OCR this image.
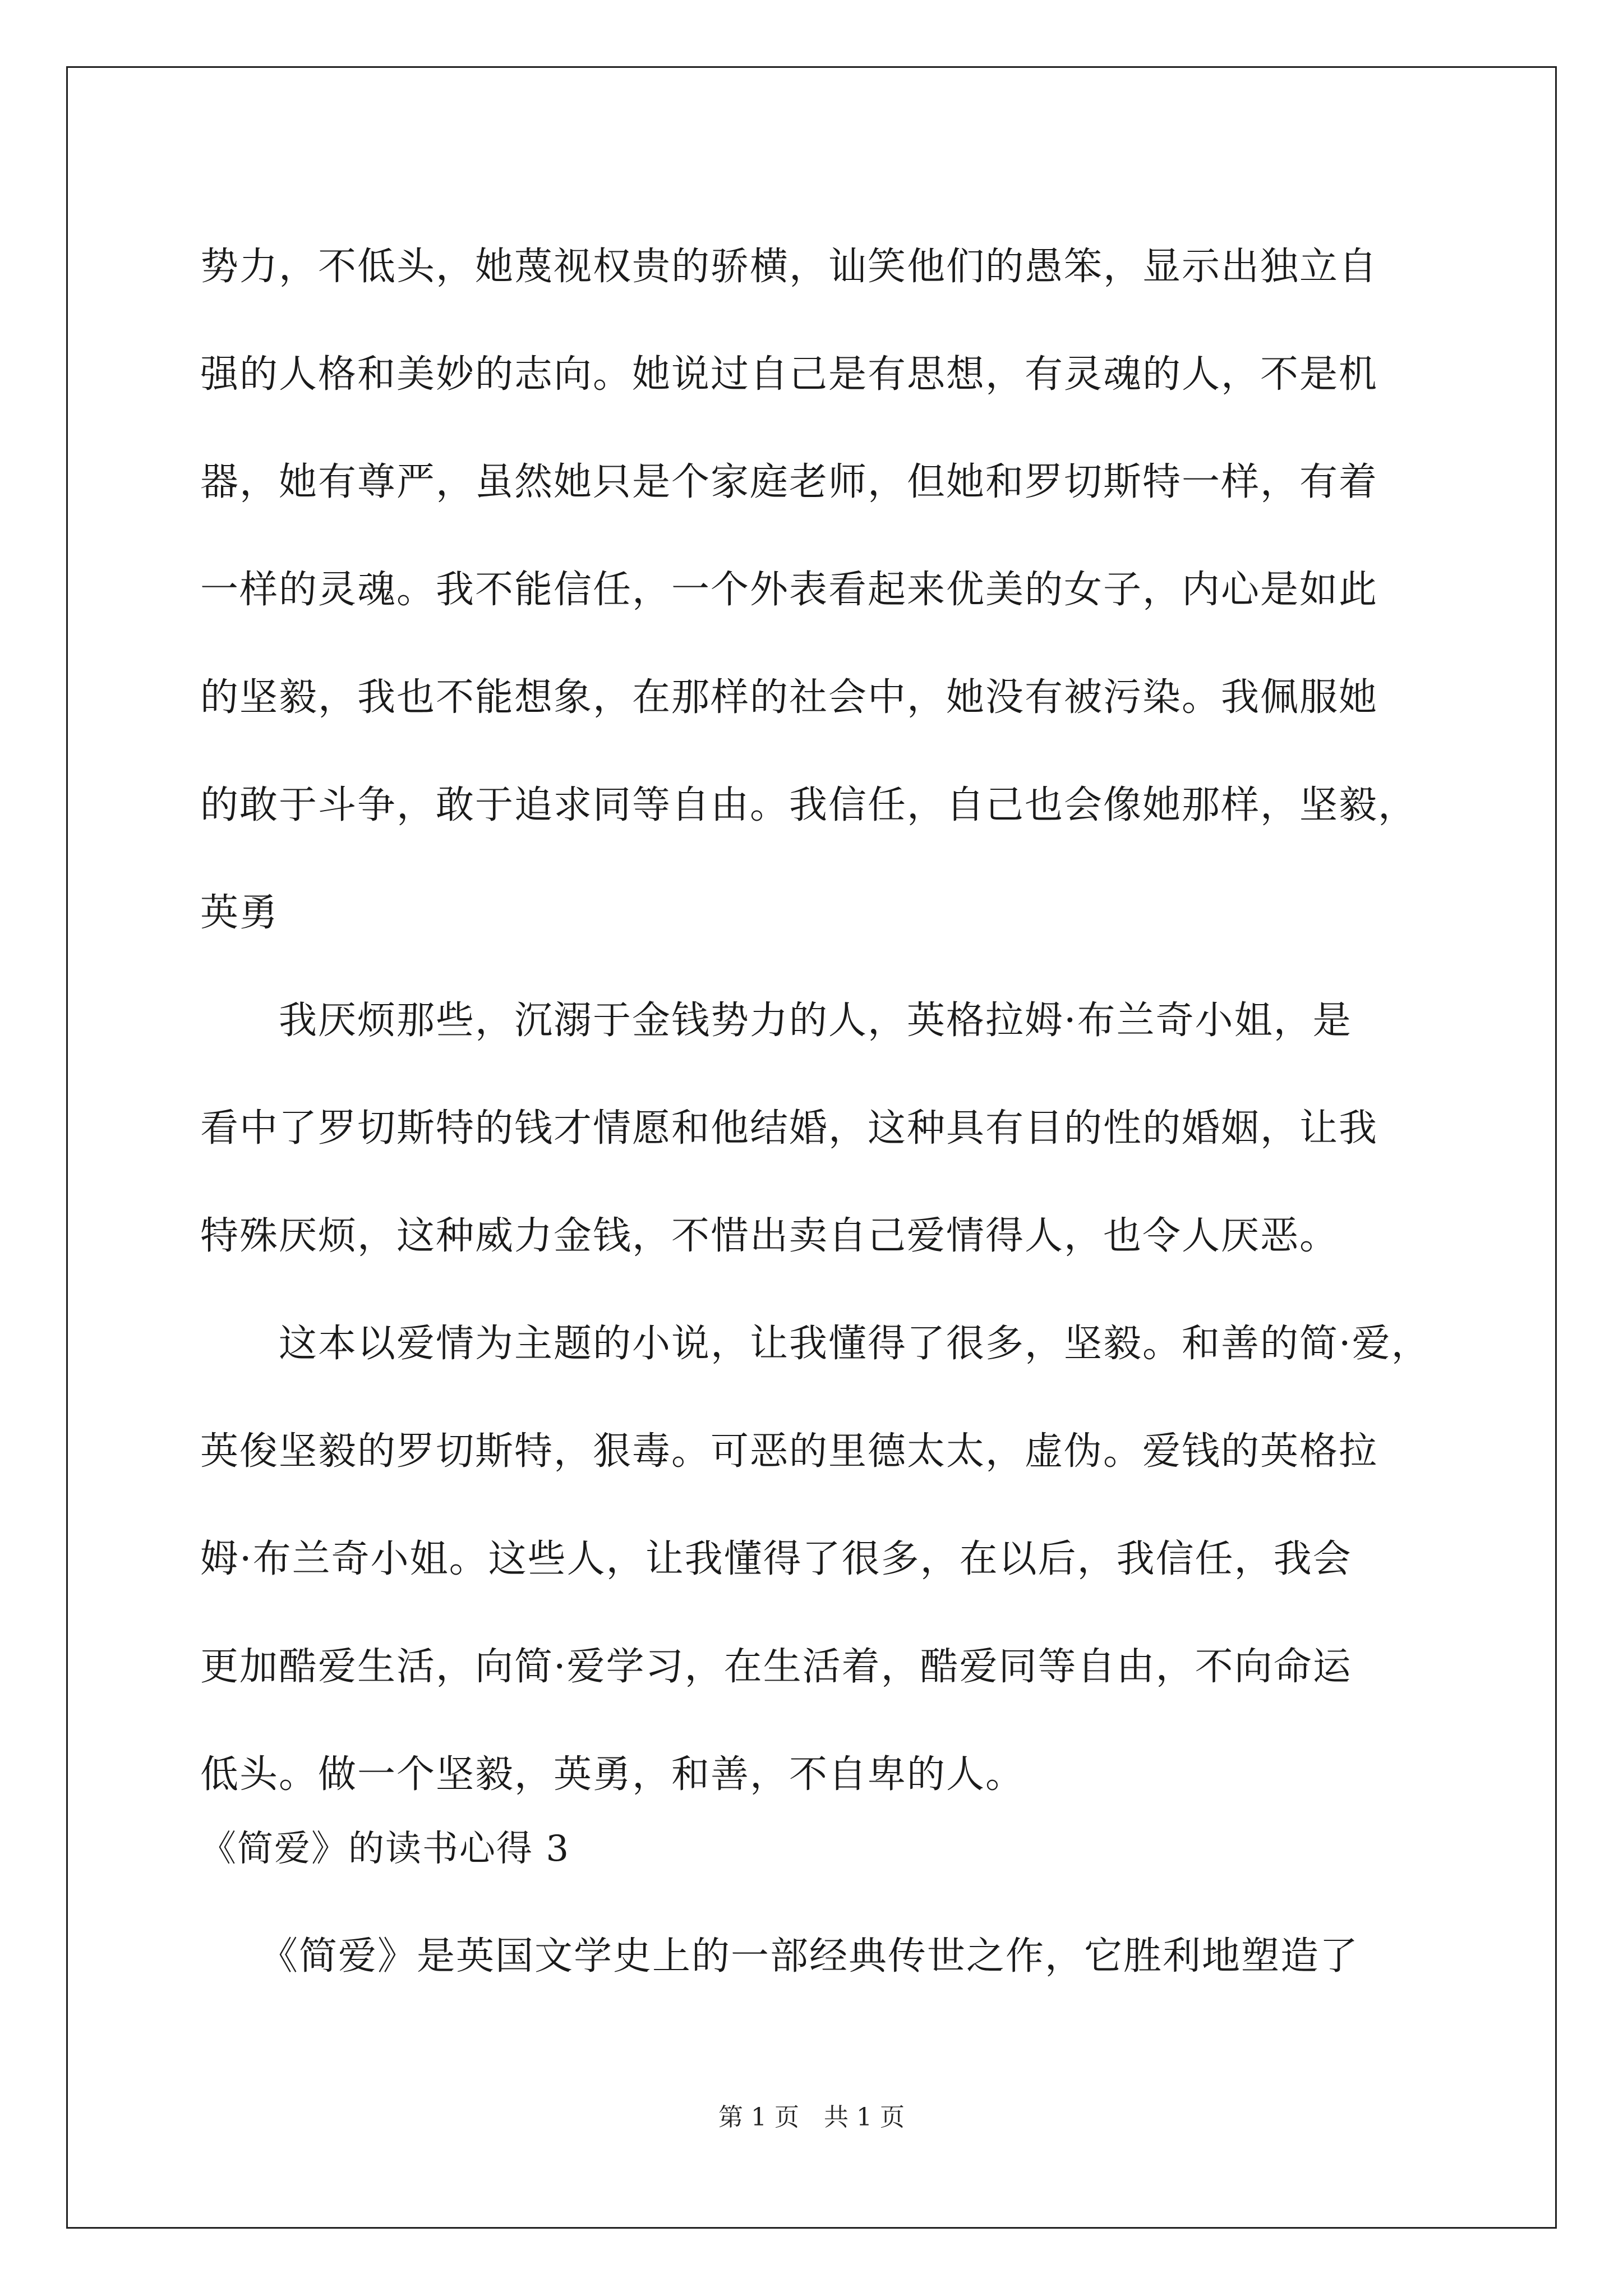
势力，不低头，她蔑视权贵的骄横，讪笑他们的愚笨，显示出独立自
强的人格和美妙的志向。她说过自己是有思想，有灵魂的人，不是机
器，她有尊严，虽然她只是个家庭老师，但她和罗切斯特一样，有着
一样的灵魂。我不能信任，一个外表看起来优美的女子，内心是如此
的坚毅，我也不能想象，在那样的社会中，她没有被污染。我佩服她
的敢于斗争，敢于追求同等自由。我信任，自己也会像她那样，坚毅，
英勇
　　我厌烦那些，沉溺于金钱势力的人，英格拉姆·布兰奇小姐，是
看中了罗切斯特的钱才情愿和他结婚，这种具有目的性的婚姻，让我
特殊厌烦，这种威力金钱，不惜出卖自己爱情得人，也令人厌恶。
　　这本以爱情为主题的小说，让我懂得了很多，坚毅。和善的简·爱，
英俊坚毅的罗切斯特，狠毒。可恶的里德太太，虚伪。爱钱的英格拉
姆·布兰奇小姐。这些人，让我懂得了很多，在以后，我信任，我会
更加酷爱生活，向简·爱学习，在生活着，酷爱同等自由，不向命运
低头。做一个坚毅，英勇，和善，不自卑的人。
《简爱》的读书心得 3
　　《简爱》是英国文学史上的一部经典传世之作，它胜利地塑造了
第 1 页 共 1 页
